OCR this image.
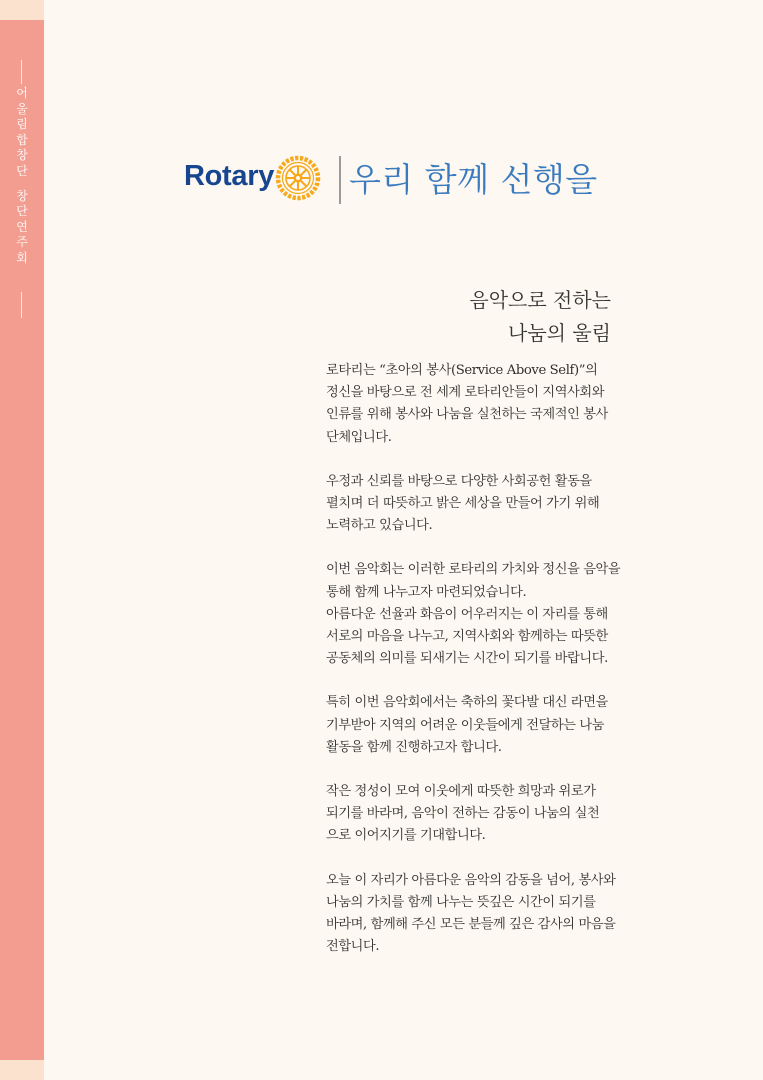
어
울
림
합
창
단
창
단
연
주
회
Rotary 우리 함께 선행을
음악으로 전하는
나눔의 울림
로타리는 “초아의 봉사(Service Above Self)”의
정신을 바탕으로 전 세계 로타리안들이 지역사회와
인류를 위해 봉사와 나눔을 실천하는 국제적인 봉사
단체입니다.
우정과 신뢰를 바탕으로 다양한 사회공헌 활동을
펼치며 더 따뜻하고 밝은 세상을 만들어 가기 위해
노력하고 있습니다.
이번 음악회는 이러한 로타리의 가치와 정신을 음악을
통해 함께 나누고자 마련되었습니다.
아름다운 선율과 화음이 어우러지는 이 자리를 통해
서로의 마음을 나누고, 지역사회와 함께하는 따뜻한
공동체의 의미를 되새기는 시간이 되기를 바랍니다.
특히 이번 음악회에서는 축하의 꽃다발 대신 라면을
기부받아 지역의 어려운 이웃들에게 전달하는 나눔
활동을 함께 진행하고자 합니다.
작은 정성이 모여 이웃에게 따뜻한 희망과 위로가
되기를 바라며, 음악이 전하는 감동이 나눔의 실천
으로 이어지기를 기대합니다.
오늘 이 자리가 아름다운 음악의 감동을 넘어, 봉사와
나눔의 가치를 함께 나누는 뜻깊은 시간이 되기를
바라며, 함께해 주신 모든 분들께 깊은 감사의 마음을
전합니다.
